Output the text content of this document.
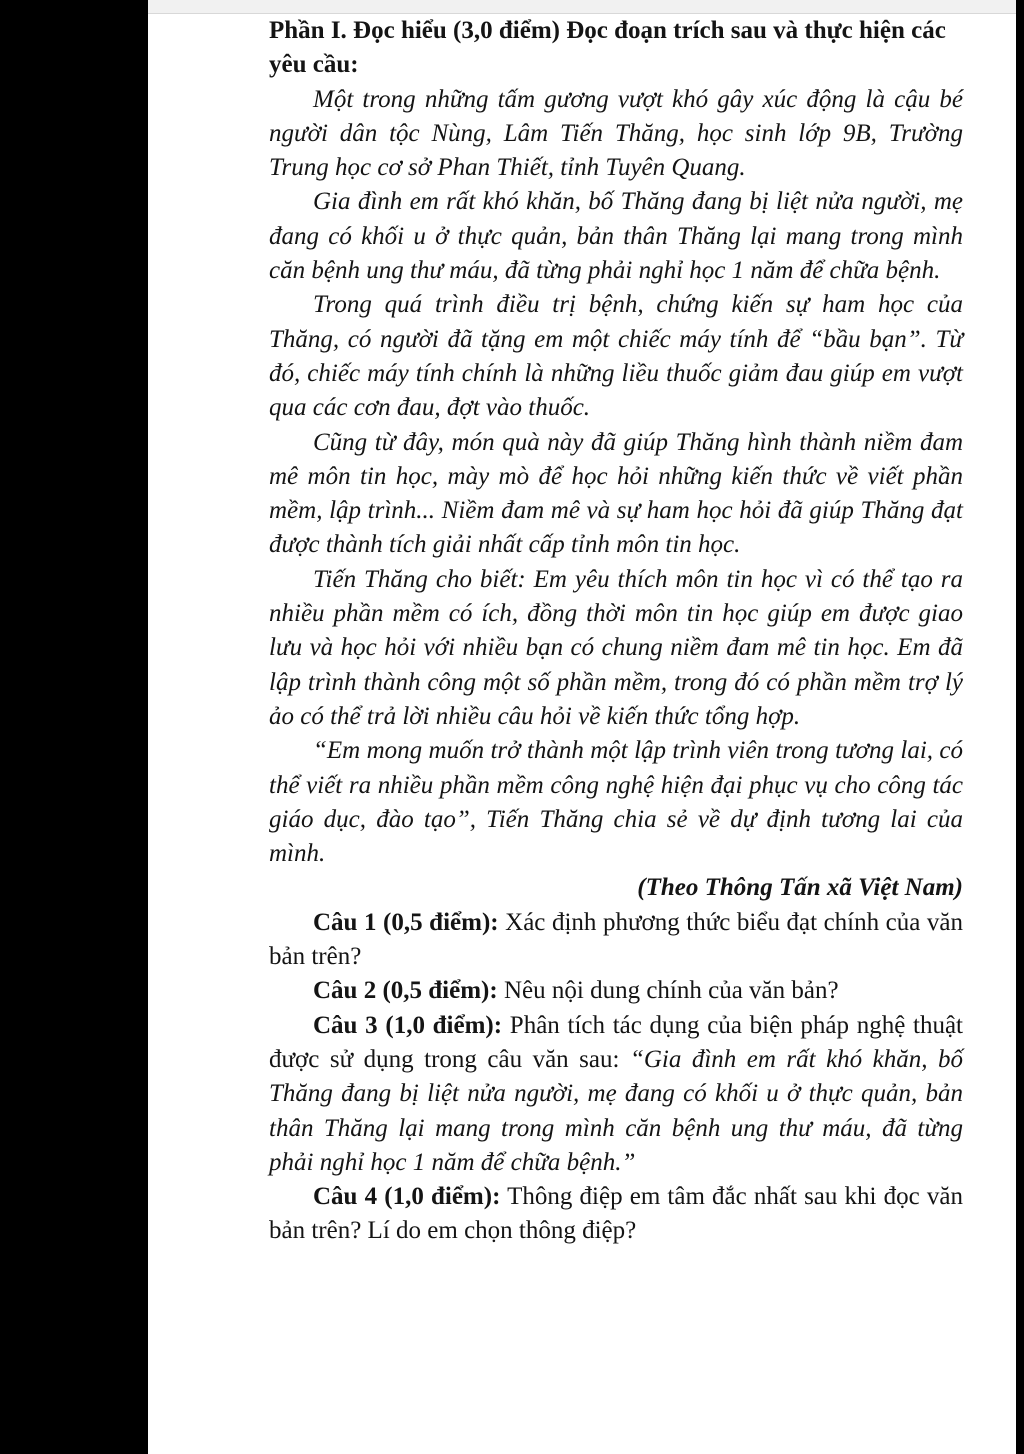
Phần I. Đọc hiểu (3,0 điểm) Đọc đoạn trích sau và thực hiện các yêu cầu:

Một trong những tấm gương vượt khó gây xúc động là cậu bé người dân tộc Nùng, Lâm Tiến Thăng, học sinh lớp 9B, Trường Trung học cơ sở Phan Thiết, tỉnh Tuyên Quang.

Gia đình em rất khó khăn, bố Thăng đang bị liệt nửa người, mẹ đang có khối u ở thực quản, bản thân Thăng lại mang trong mình căn bệnh ung thư máu, đã từng phải nghỉ học 1 năm để chữa bệnh.

Trong quá trình điều trị bệnh, chứng kiến sự ham học của Thăng, có người đã tặng em một chiếc máy tính để “bầu bạn”. Từ đó, chiếc máy tính chính là những liều thuốc giảm đau giúp em vượt qua các cơn đau, đợt vào thuốc.

Cũng từ đây, món quà này đã giúp Thăng hình thành niềm đam mê môn tin học, mày mò để học hỏi những kiến thức về viết phần mềm, lập trình... Niềm đam mê và sự ham học hỏi đã giúp Thăng đạt được thành tích giải nhất cấp tỉnh môn tin học.

Tiến Thăng cho biết: Em yêu thích môn tin học vì có thể tạo ra nhiều phần mềm có ích, đồng thời môn tin học giúp em được giao lưu và học hỏi với nhiều bạn có chung niềm đam mê tin học. Em đã lập trình thành công một số phần mềm, trong đó có phần mềm trợ lý ảo có thể trả lời nhiều câu hỏi về kiến thức tổng hợp.

“Em mong muốn trở thành một lập trình viên trong tương lai, có thể viết ra nhiều phần mềm công nghệ hiện đại phục vụ cho công tác giáo dục, đào tạo”, Tiến Thăng chia sẻ về dự định tương lai của mình.

(Theo Thông Tấn xã Việt Nam)

Câu 1 (0,5 điểm): Xác định phương thức biểu đạt chính của văn bản trên?

Câu 2 (0,5 điểm): Nêu nội dung chính của văn bản?

Câu 3 (1,0 điểm): Phân tích tác dụng của biện pháp nghệ thuật được sử dụng trong câu văn sau: “Gia đình em rất khó khăn, bố Thăng đang bị liệt nửa người, mẹ đang có khối u ở thực quản, bản thân Thăng lại mang trong mình căn bệnh ung thư máu, đã từng phải nghỉ học 1 năm để chữa bệnh.”

Câu 4 (1,0 điểm): Thông điệp em tâm đắc nhất sau khi đọc văn bản trên? Lí do em chọn thông điệp?
